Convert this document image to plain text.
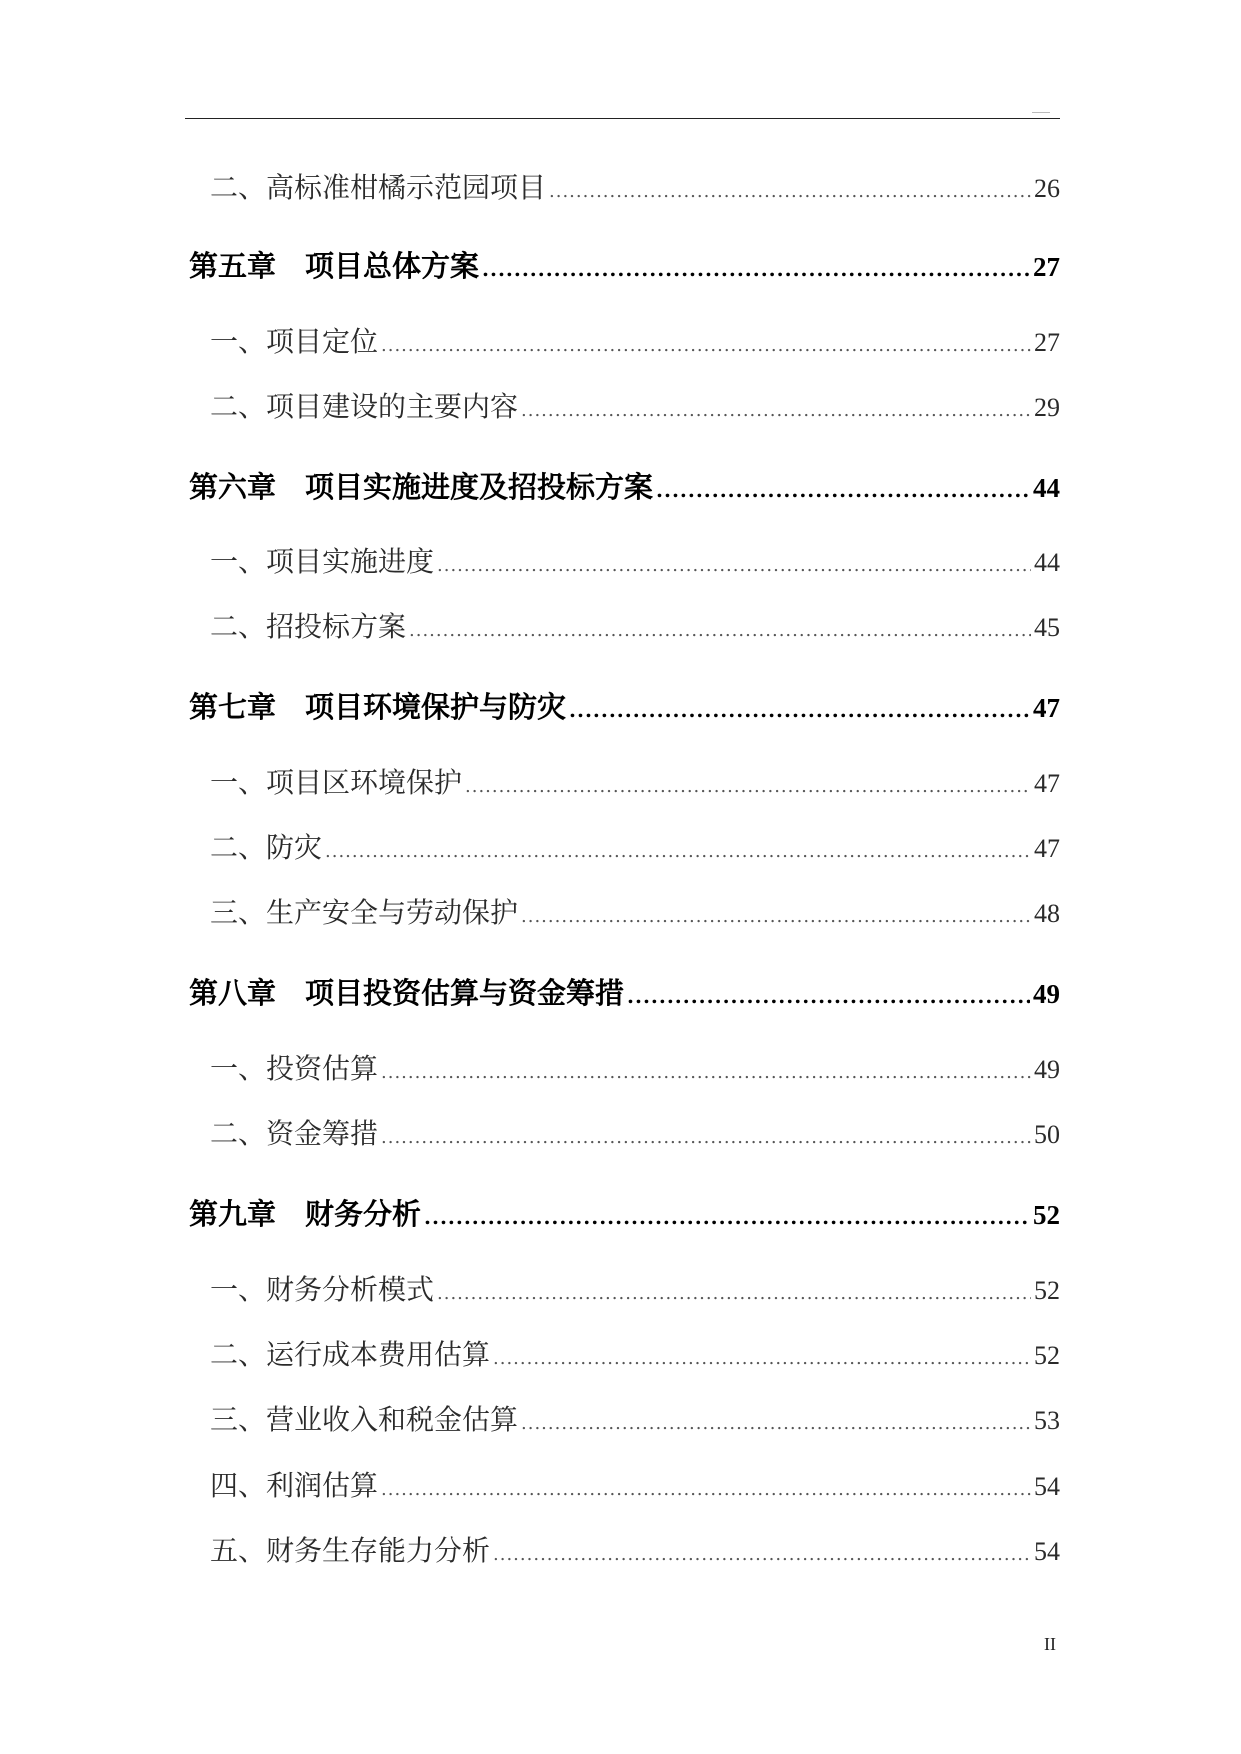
二、高标准柑橘示范园项目 .....	26
第五章　项目总体方案 .....	27
一、项目定位 .....	27
二、项目建设的主要内容 .....	29
第六章　项目实施进度及招投标方案 .....	44
一、项目实施进度 .....	44
二、招投标方案 .....	45
第七章　项目环境保护与防灾 .....	47
一、项目区环境保护 .....	47
二、防灾 .....	47
三、生产安全与劳动保护 .....	48
第八章　项目投资估算与资金筹措 .....	49
一、投资估算 .....	49
二、资金筹措 .....	50
第九章　财务分析 .....	52
一、财务分析模式 .....	52
二、运行成本费用估算 .....	52
三、营业收入和税金估算 .....	53
四、利润估算 .....	54
五、财务生存能力分析 .....	54
II
